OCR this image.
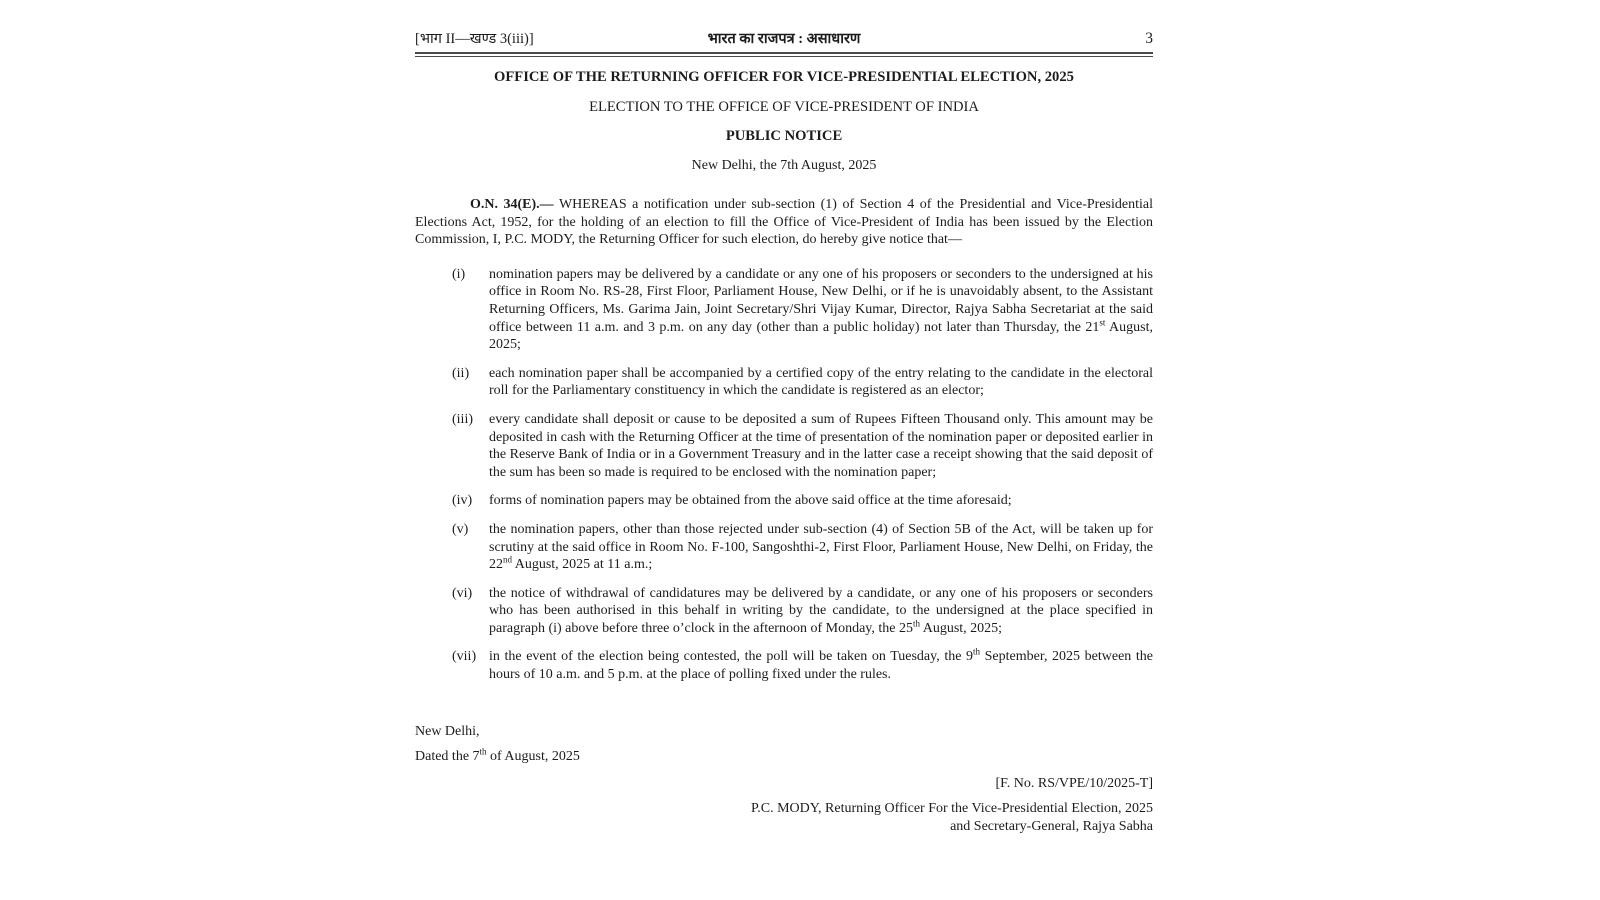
[भाग II—खण्ड 3(iii)]	भारत का राजपत्र : असाधारण	3
OFFICE OF THE RETURNING OFFICER FOR VICE-PRESIDENTIAL ELECTION, 2025
ELECTION TO THE OFFICE OF VICE-PRESIDENT OF INDIA
PUBLIC NOTICE
New Delhi, the 7th August, 2025

O.N. 34(E).— WHEREAS a notification under sub-section (1) of Section 4 of the Presidential and Vice-Presidential Elections Act, 1952, for the holding of an election to fill the Office of Vice-President of India has been issued by the Election Commission, I, P.C. MODY, the Returning Officer for such election, do hereby give notice that—

(i)	nomination papers may be delivered by a candidate or any one of his proposers or seconders to the undersigned at his office in Room No. RS-28, First Floor, Parliament House, New Delhi, or if he is unavoidably absent, to the Assistant Returning Officers, Ms. Garima Jain, Joint Secretary/Shri Vijay Kumar, Director, Rajya Sabha Secretariat at the said office between 11 a.m. and 3 p.m. on any day (other than a public holiday) not later than Thursday, the 21st August, 2025;
(ii)	each nomination paper shall be accompanied by a certified copy of the entry relating to the candidate in the electoral roll for the Parliamentary constituency in which the candidate is registered as an elector;
(iii)	every candidate shall deposit or cause to be deposited a sum of Rupees Fifteen Thousand only. This amount may be deposited in cash with the Returning Officer at the time of presentation of the nomination paper or deposited earlier in the Reserve Bank of India or in a Government Treasury and in the latter case a receipt showing that the said deposit of the sum has been so made is required to be enclosed with the nomination paper;
(iv)	forms of nomination papers may be obtained from the above said office at the time aforesaid;
(v)	the nomination papers, other than those rejected under sub-section (4) of Section 5B of the Act, will be taken up for scrutiny at the said office in Room No. F-100, Sangoshthi-2, First Floor, Parliament House, New Delhi, on Friday, the 22nd August, 2025 at 11 a.m.;
(vi)	the notice of withdrawal of candidatures may be delivered by a candidate, or any one of his proposers or seconders who has been authorised in this behalf in writing by the candidate, to the undersigned at the place specified in paragraph (i) above before three o’clock in the afternoon of Monday, the 25th August, 2025;
(vii) in the event of the election being contested, the poll will be taken on Tuesday, the 9th September, 2025 between the hours of 10 a.m. and 5 p.m. at the place of polling fixed under the rules.
New Delhi,
Dated the 7th of August, 2025
[F. No. RS/VPE/10/2025-T]
P.C. MODY, Returning Officer For the Vice-Presidential Election, 2025
and Secretary-General, Rajya Sabha
